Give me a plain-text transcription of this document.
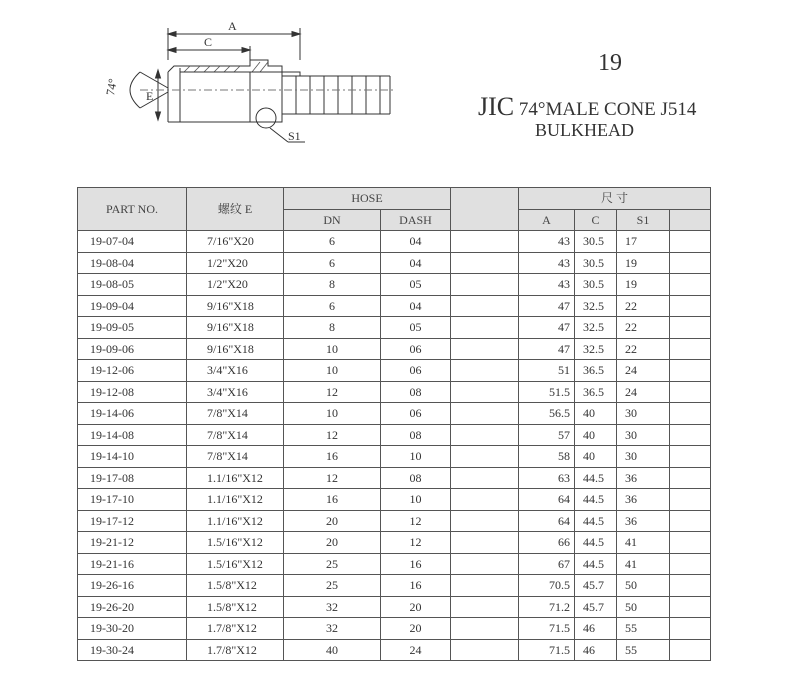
A
C
E
74°
S1
19
JIC 74°MALE CONE J514
BULKHEAD
PART NO.	螺纹 E	HOSE			尺 寸			
		DN	DASH		A	C	S1	
19-07-04	7/16"X20	6	04		43	30.5	17	
19-08-04	1/2"X20	6	04		43	30.5	19	
19-08-05	1/2"X20	8	05		43	30.5	19	
19-09-04	9/16"X18	6	04		47	32.5	22	
19-09-05	9/16"X18	8	05		47	32.5	22	
19-09-06	9/16"X18	10	06		47	32.5	22	
19-12-06	3/4"X16	10	06		51	36.5	24	
19-12-08	3/4"X16	12	08		51.5	36.5	24	
19-14-06	7/8"X14	10	06		56.5	40	30	
19-14-08	7/8"X14	12	08		57	40	30	
19-14-10	7/8"X14	16	10		58	40	30	
19-17-08	1.1/16"X12	12	08		63	44.5	36	
19-17-10	1.1/16"X12	16	10		64	44.5	36	
19-17-12	1.1/16"X12	20	12		64	44.5	36	
19-21-12	1.5/16"X12	20	12		66	44.5	41	
19-21-16	1.5/16"X12	25	16		67	44.5	41	
19-26-16	1.5/8"X12	25	16		70.5	45.7	50	
19-26-20	1.5/8"X12	32	20		71.2	45.7	50	
19-30-20	1.7/8"X12	32	20		71.5	46	55	
19-30-24	1.7/8"X12	40	24		71.5	46	55	
